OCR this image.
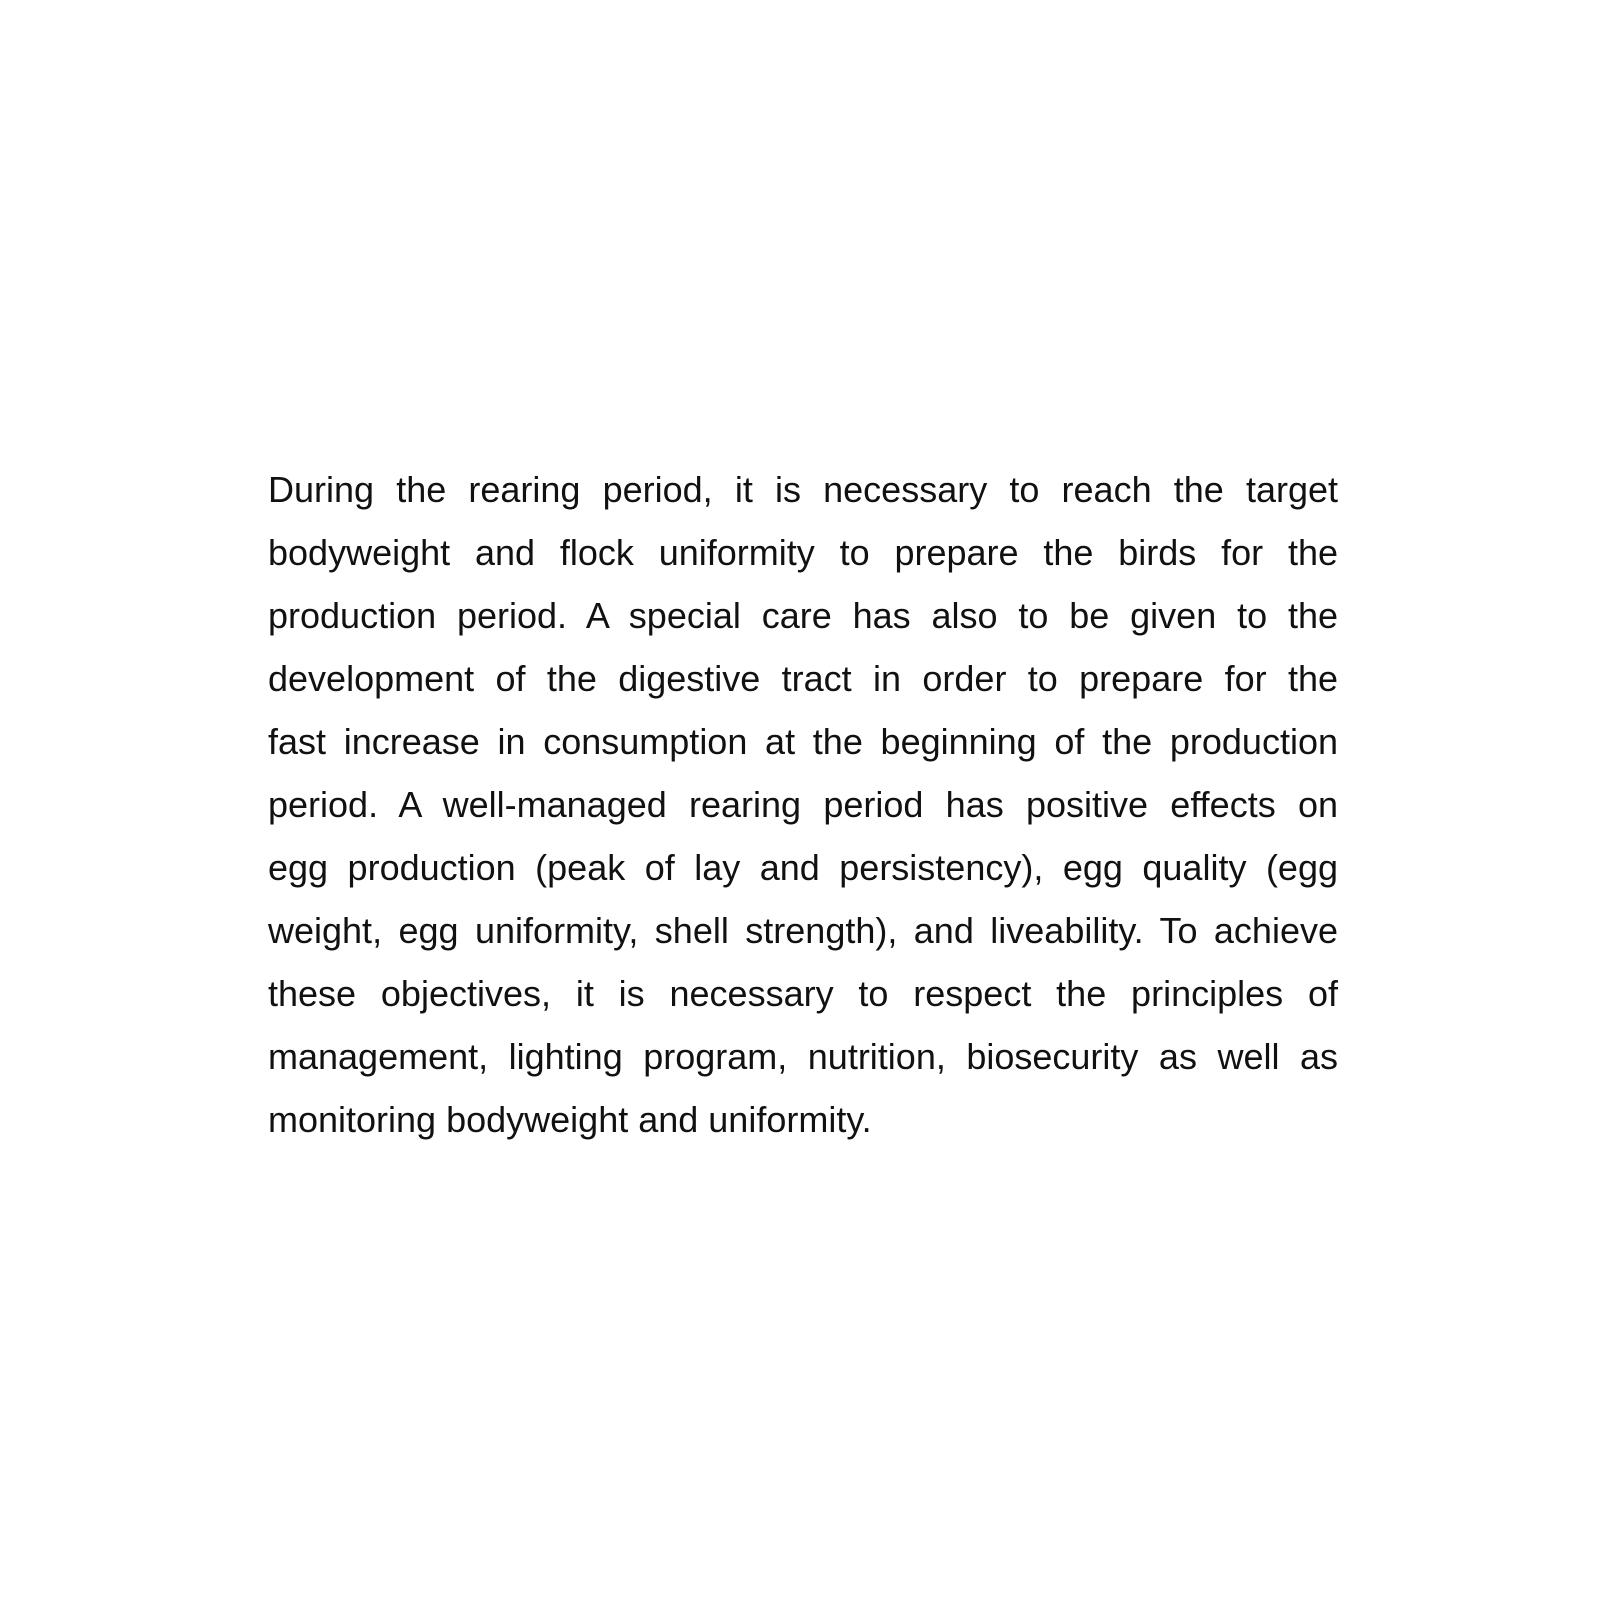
During the rearing period, it is necessary to reach the target
bodyweight and flock uniformity to prepare the birds for the
production period. A special care has also to be given to the
development of the digestive tract in order to prepare for the
fast increase in consumption at the beginning of the production
period. A well-managed rearing period has positive effects on
egg production (peak of lay and persistency), egg quality (egg
weight, egg uniformity, shell strength), and liveability. To achieve
these objectives, it is necessary to respect the principles of
management, lighting program, nutrition, biosecurity as well as
monitoring bodyweight and uniformity.
